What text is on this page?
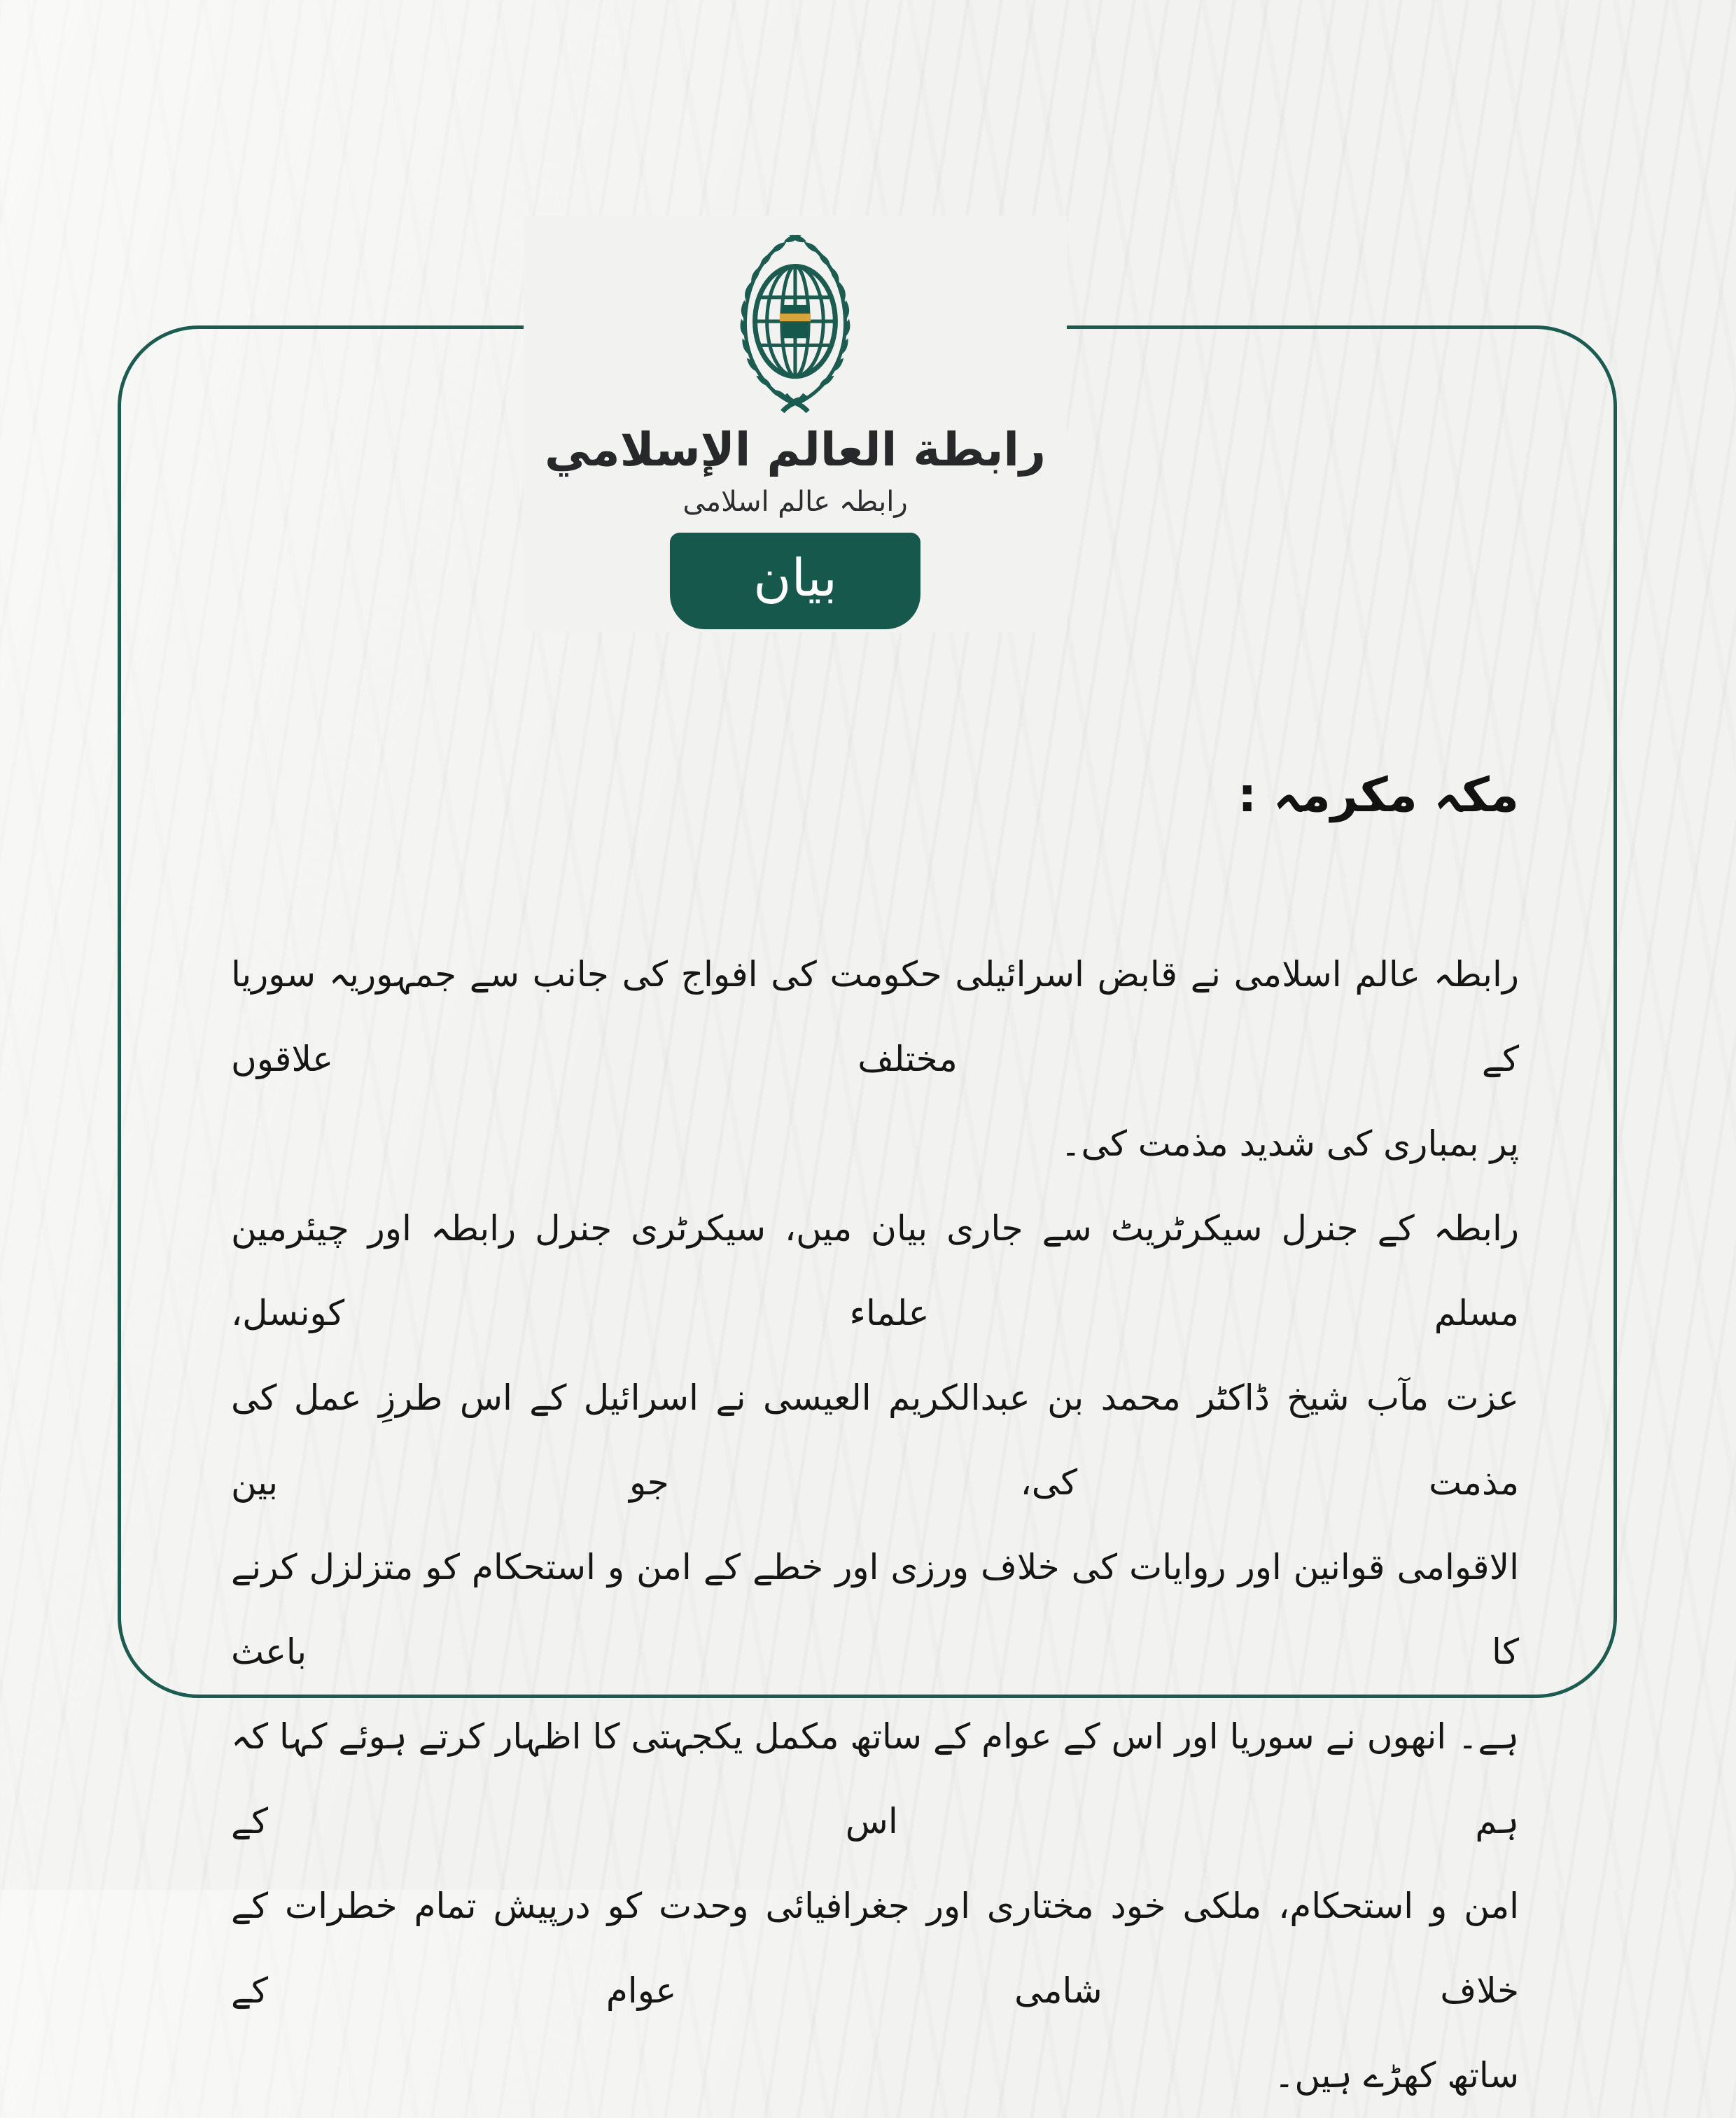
رابطة العالم الإسلامي
رابطہ عالم اسلامی
بیان
مکہ مکرمہ :
رابطہ عالم اسلامی نے قابض اسرائیلی حکومت کی افواج کی جانب سے جمہوریہ سوریا کے مختلف علاقوں
پر بمباری کی شدید مذمت کی۔
رابطہ کے جنرل سیکرٹریٹ سے جاری بیان میں، سیکرٹری جنرل رابطہ اور چیئرمین مسلم علماء کونسل،
عزت مآب شیخ ڈاکٹر محمد بن عبدالکریم العیسی نے اسرائیل کے اس طرزِ عمل کی مذمت کی، جو بین
الاقوامی قوانین اور روایات کی خلاف ورزی اور خطے کے امن و استحکام کو متزلزل کرنے کا باعث
ہے۔ انھوں نے سوریا اور اس کے عوام کے ساتھ مکمل یکجہتی کا اظہار کرتے ہوئے کہا کہ ہم اس کے
امن و استحکام، ملکی خود مختاری اور جغرافیائی وحدت کو درپیش تمام خطرات کے خلاف شامی عوام کے
ساتھ کھڑے ہیں۔
